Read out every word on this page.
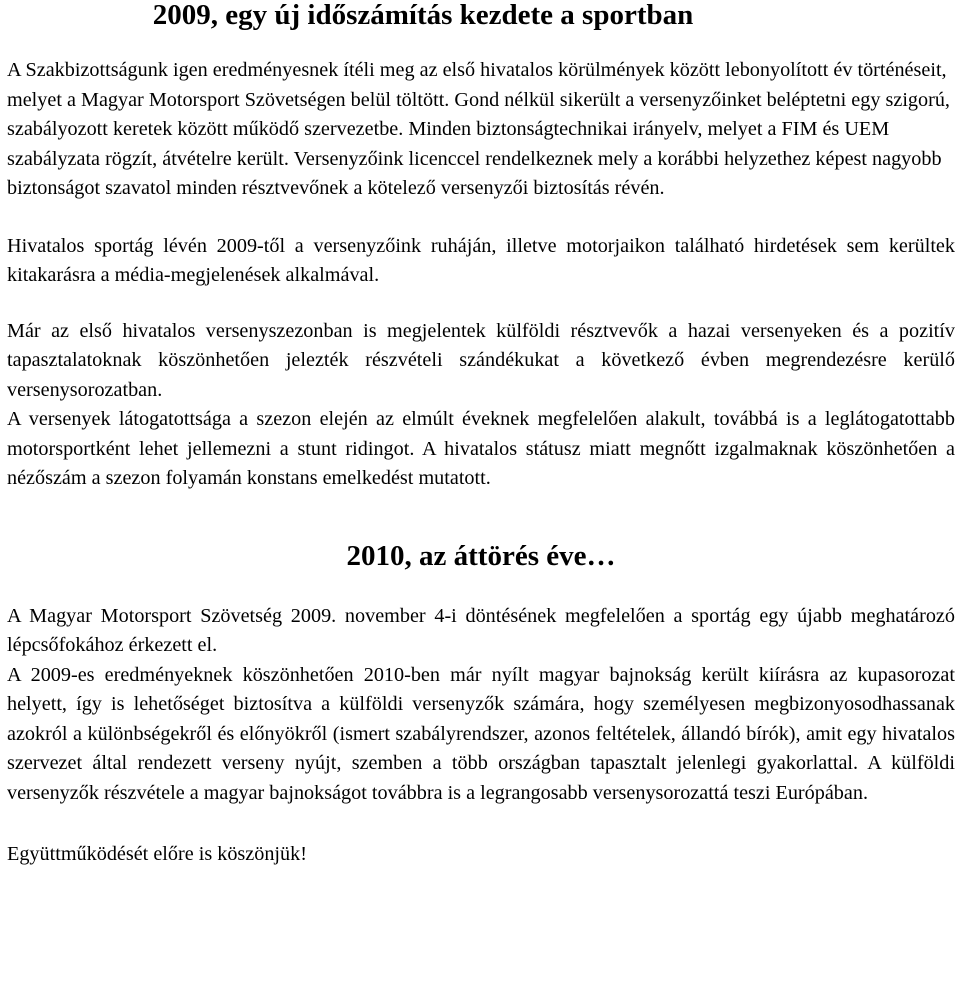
2009, egy új időszámítás kezdete a sportban

A Szakbizottságunk igen eredményesnek ítéli meg az első hivatalos körülmények között lebonyolított év történéseit, melyet a Magyar Motorsport Szövetségen belül töltött. Gond nélkül sikerült a versenyzőinket beléptetni egy szigorú, szabályozott keretek között működő szervezetbe. Minden biztonságtechnikai irányelv, melyet a FIM és UEM szabályzata rögzít, átvételre került. Versenyzőink licenccel rendelkeznek mely a korábbi helyzethez képest nagyobb biztonságot szavatol minden résztvevőnek a kötelező versenyzői biztosítás révén.

Hivatalos sportág lévén 2009-től a versenyzőink ruháján, illetve motorjaikon található hirdetések sem kerültek kitakarásra a média-megjelenések alkalmával.

Már az első hivatalos versenyszezonban is megjelentek külföldi résztvevők a hazai versenyeken és a pozitív tapasztalatoknak köszönhetően jelezték részvételi szándékukat a következő évben megrendezésre kerülő versenysorozatban.

A versenyek látogatottsága a szezon elején az elmúlt éveknek megfelelően alakult, továbbá is a leglátogatottabb motorsportként lehet jellemezni a stunt ridingot. A hivatalos státusz miatt megnőtt izgalmaknak köszönhetően a nézőszám a szezon folyamán konstans emelkedést mutatott.

2010, az áttörés éve…

A Magyar Motorsport Szövetség 2009. november 4-i döntésének megfelelően a sportág egy újabb meghatározó lépcsőfokához érkezett el.

A 2009-es eredményeknek köszönhetően 2010-ben már nyílt magyar bajnokság került kiírásra az kupasorozat helyett, így is lehetőséget biztosítva a külföldi versenyzők számára, hogy személyesen megbizonyosodhassanak azokról a különbségekről és előnyökről (ismert szabályrendszer, azonos feltételek, állandó bírók), amit egy hivatalos szervezet által rendezett verseny nyújt, szemben a több országban tapasztalt jelenlegi gyakorlattal. A külföldi versenyzők részvétele a magyar bajnokságot továbbra is a legrangosabb versenysorozattá teszi Európában.

Együttműködését előre is köszönjük!
